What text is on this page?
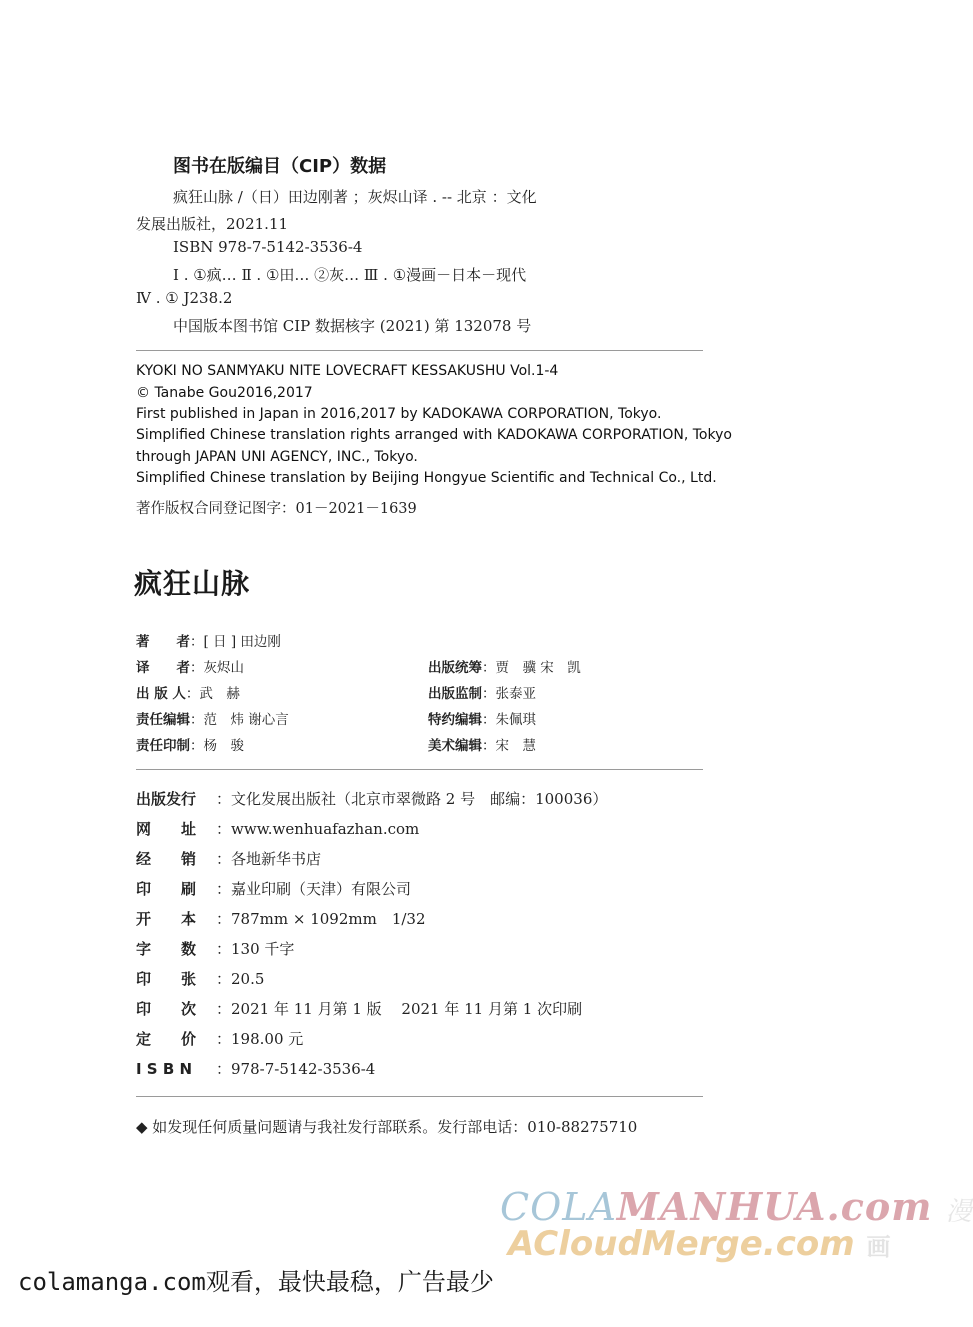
图书在版编目（CIP）数据
疯狂山脉 /（日）田边刚著 ；灰烬山译 . -- 北京 ：文化
发展出版社，2021.11
ISBN 978-7-5142-3536-4
Ⅰ . ①疯… Ⅱ . ①田… ②灰… Ⅲ . ①漫画－日本－现代
Ⅳ . ① J238.2
中国版本图书馆 CIP 数据核字 (2021) 第 132078 号
KYOKI NO SANMYAKU NITE LOVECRAFT KESSAKUSHU Vol.1-4
© Tanabe Gou2016,2017
First published in Japan in 2016,2017 by KADOKAWA CORPORATION, Tokyo.
Simplified Chinese translation rights arranged with KADOKAWA CORPORATION, Tokyo
through JAPAN UNI AGENCY, INC., Tokyo.
Simplified Chinese translation by Beijing Hongyue Scientific and Technical Co., Ltd.
著作版权合同登记图字：01－2021－1639
疯狂山脉
著　　者：[ 日 ] 田边刚
译　　者：灰烬山
出 版 人：武　赫
责任编辑：范　炜 谢心言
责任印制：杨　骏
出版统筹：贾　骥 宋　凯
出版监制：张泰亚
特约编辑：朱佩琪
美术编辑：宋　慧
出版发行 ：文化发展出版社（北京市翠微路 2 号　邮编：100036）
网　　址 ：www.wenhuafazhan.com
经　　销 ：各地新华书店
印　　刷 ：嘉业印刷（天津）有限公司
开　　本 ：787mm × 1092mm　1/32
字　　数 ：130 千字
印　　张 ：20.5
印　　次 ：2021 年 11 月第 1 版　 2021 年 11 月第 1 次印刷
定　　价 ：198.00 元
I S B N ：978-7-5142-3536-4
◆ 如发现任何质量问题请与我社发行部联系。发行部电话：010-88275710
COLAMANHUA.com 漫
ACloudMerge.com 画
colamanga.com观看，最快最稳，广告最少
